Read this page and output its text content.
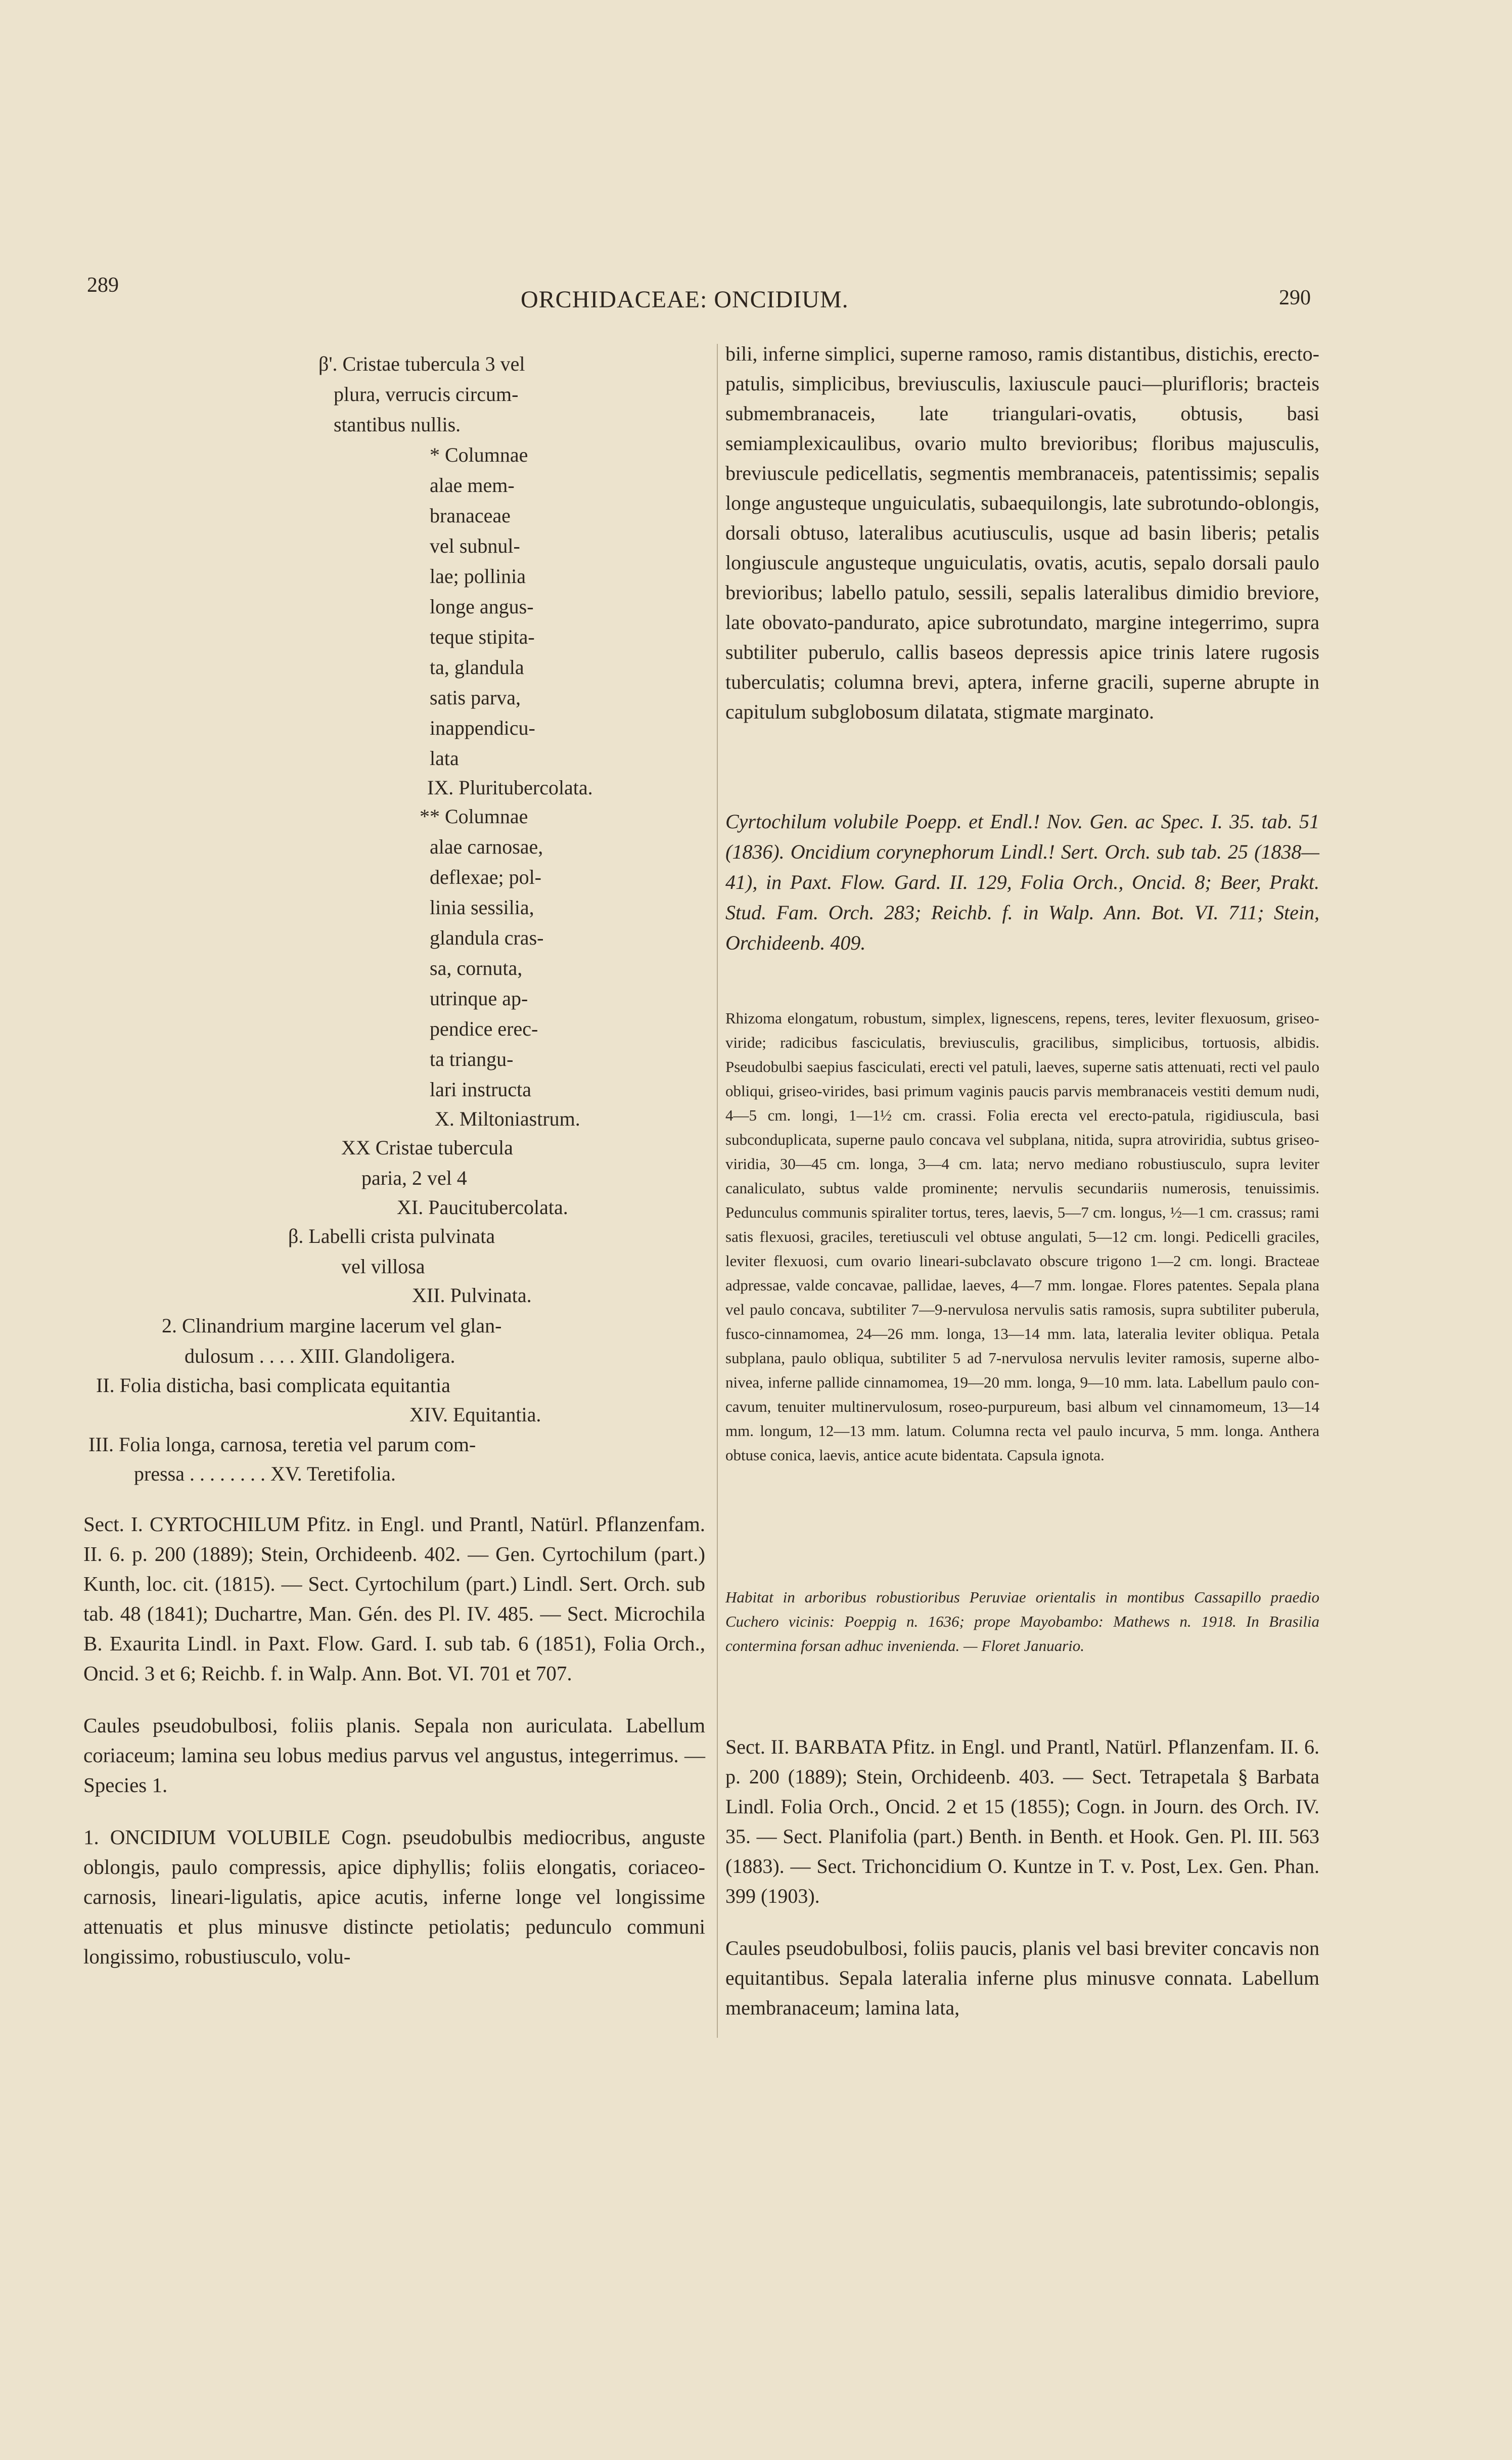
289
ORCHIDACEAE: ONCIDIUM.	290
β'. Cristae tubercula 3 vel
plura, verrucis circum-
stantibus nullis.
* Columnae
alae mem-
branaceae
vel subnul-
lae; pollinia
longe angus-
teque stipita-
ta, glandula
satis parva,
inappendicu-
lata
IX. Pluritubercolata.
** Columnae
alae carnosae,
deflexae; pol-
linia sessilia,
glandula cras-
sa, cornuta,
utrinque ap-
pendice erec-
ta triangu-
lari instructa
X. Miltoniastrum.
XX Cristae tubercula
paria, 2 vel 4
XI. Paucitubercolata.
β. Labelli crista pulvinata
vel villosa
XII. Pulvinata.
2. Clinandrium margine lacerum vel glan-
dulosum . . . . XIII. Glandoligera.
II. Folia disticha, basi complicata equitantia
XIV. Equitantia.
III. Folia longa, carnosa, teretia vel parum com-
pressa . . . . . . . . XV. Teretifolia.

Sect. I. CYRTOCHILUM Pfitz. in Engl. und Prantl, Natürl. Pflanzenfam. II. 6. p. 200 (1889); Stein, Orchideenb. 402. — Gen. Cyrtochilum (part.) Kunth, loc. cit. (1815). — Sect. Cyrtochilum (part.) Lindl. Sert. Orch. sub tab. 48 (1841); Duchartre, Man. Gén. des Pl. IV. 485. — Sect. Microchila B. Exaurita Lindl. in Paxt. Flow. Gard. I. sub tab. 6 (1851), Folia Orch., Oncid. 3 et 6; Reichb. f. in Walp. Ann. Bot. VI. 701 et 707.

Caules pseudobulbosi, foliis planis. Sepala non auriculata. Labellum coriaceum; lamina seu lobus medius parvus vel angustus, integerrimus. — Species 1.

1. ONCIDIUM VOLUBILE Cogn. pseudobulbis mediocribus, anguste oblongis, paulo compressis, apice diphyllis; foliis elongatis, coriaceo-carnosis, lineari-ligulatis, apice acutis, inferne longe vel longissime attenuatis et plus minusve distincte petiolatis; pedunculo communi longissimo, robustiusculo, volu-

bili, inferne simplici, superne ramoso, ramis distantibus, distichis, erecto-patulis, simplicibus, breviusculis, laxiuscule pauci—plurifloris; bracteis submembranaceis, late triangulari-ovatis, obtusis, basi semiamplexicaulibus, ovario multo brevioribus; floribus majusculis, breviuscule pedicellatis, segmentis membranaceis, patentissimis; sepalis longe angusteque unguiculatis, subaequilongis, late subrotundo-oblongis, dorsali obtuso, lateralibus acutiusculis, usque ad basin liberis; petalis longiuscule angusteque unguiculatis, ovatis, acutis, sepalo dorsali paulo brevioribus; labello patulo, sessili, sepalis lateralibus dimidio breviore, late obovato-pandurato, apice subrotundato, margine integerrimo, supra subtiliter puberulo, callis baseos depressis apice trinis latere rugosis tuberculatis; columna brevi, aptera, inferne gracili, superne abrupte in capitulum subglobosum dilatata, stigmate marginato.
Cyrtochilum volubile Poepp. et Endl.! Nov. Gen. ac Spec. I. 35. tab. 51 (1836). Oncidium corynephorum Lindl.! Sert. Orch. sub tab. 25 (1838—41), in Paxt. Flow. Gard. II. 129, Folia Orch., Oncid. 8; Beer, Prakt. Stud. Fam. Orch. 283; Reichb. f. in Walp. Ann. Bot. VI. 711; Stein, Orchideenb. 409.
Rhizoma elongatum, robustum, simplex, lignescens, repens, teres, leviter flexuosum, griseo-viride; radicibus fasciculatis, breviusculis, gracilibus, simplicibus, tortuosis, albidis. Pseudobulbi saepius fasciculati, erecti vel patuli, laeves, superne satis attenuati, recti vel paulo obliqui, griseo-virides, basi primum vaginis paucis parvis membranaceis vestiti demum nudi, 4—5 cm. longi, 1—1½ cm. crassi. Folia erecta vel erecto-patula, rigidiuscula, basi subconduplicata, superne paulo concava vel subplana, nitida, supra atroviridia, subtus griseo-viridia, 30—45 cm. longa, 3—4 cm. lata; nervo mediano robustiusculo, supra leviter canaliculato, subtus valde prominente; nervulis secundariis numerosis, tenuissimis. Pedunculus communis spiraliter tortus, teres, laevis, 5—7 cm. longus, ½—1 cm. crassus; rami satis flexuosi, graciles, teretiusculi vel obtuse angulati, 5—12 cm. longi. Pedicelli graciles, leviter flexuosi, cum ovario lineari-subclavato obscure trigono 1—2 cm. longi. Bracteae adpressae, valde concavae, pallidae, laeves, 4—7 mm. longae. Flores patentes. Sepala plana vel paulo concava, subtiliter 7—9-nervulosa nervulis satis ramosis, supra subtiliter puberula, fusco-cinnamomea, 24—26 mm. longa, 13—14 mm. lata, lateralia leviter obliqua. Petala subplana, paulo obliqua, subtiliter 5 ad 7-nervulosa nervulis leviter ramosis, superne albo-nivea, inferne pallide cinnamomea, 19—20 mm. longa, 9—10 mm. lata. Labellum paulo concavum, tenuiter multinervulosum, roseo-purpureum, basi album vel cinnamomeum, 13—14 mm. longum, 12—13 mm. latum. Columna recta vel paulo incurva, 5 mm. longa. Anthera obtuse conica, laevis, antice acute bidentata. Capsula ignota.
Habitat in arboribus robustioribus Peruviae orientalis in montibus Cassapillo praedio Cuchero vicinis: Poeppig n. 1636; prope Mayobambo: Mathews n. 1918. In Brasilia contermina forsan adhuc invenienda. — Floret Januario.

Sect. II. BARBATA Pfitz. in Engl. und Prantl, Natürl. Pflanzenfam. II. 6. p. 200 (1889); Stein, Orchideenb. 403. — Sect. Tetrapetala § Barbata Lindl. Folia Orch., Oncid. 2 et 15 (1855); Cogn. in Journ. des Orch. IV. 35. — Sect. Planifolia (part.) Benth. in Benth. et Hook. Gen. Pl. III. 563 (1883). — Sect. Trichoncidium O. Kuntze in T. v. Post, Lex. Gen. Phan. 399 (1903).

Caules pseudobulbosi, foliis paucis, planis vel basi breviter concavis non equitantibus. Sepala lateralia inferne plus minusve connata. Labellum membranaceum; lamina lata,
